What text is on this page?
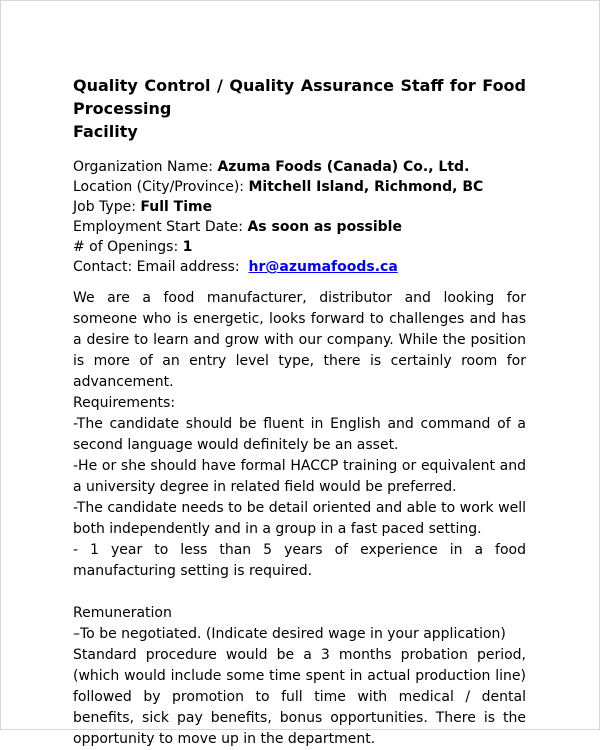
Quality Control / Quality Assurance Staff for Food Processing
Facility
Organization Name: Azuma Foods (Canada) Co., Ltd.
Location (City/Province): Mitchell Island, Richmond, BC
Job Type: Full Time
Employment Start Date: As soon as possible
# of Openings: 1
Contact: Email address:  hr@azumafoods.ca

We are a food manufacturer, distributor and looking for someone who is energetic, looks forward to challenges and has a desire to learn and grow with our company. While the position is more of an entry level type, there is certainly room for advancement.

Requirements:

-The candidate should be fluent in English and command of a second language would definitely be an asset.

-He or she should have formal HACCP training or equivalent and a university degree in related field would be preferred.

-The candidate needs to be detail oriented and able to work well both independently and in a group in a fast paced setting.

- 1 year to less than 5 years of experience in a food manufacturing setting is required.

Remuneration

–To be negotiated. (Indicate desired wage in your application)

Standard procedure would be a 3 months probation period, (which would include some time spent in actual production line) followed by promotion to full time with medical / dental benefits, sick pay benefits, bonus opportunities. There is the opportunity to move up in the department.
